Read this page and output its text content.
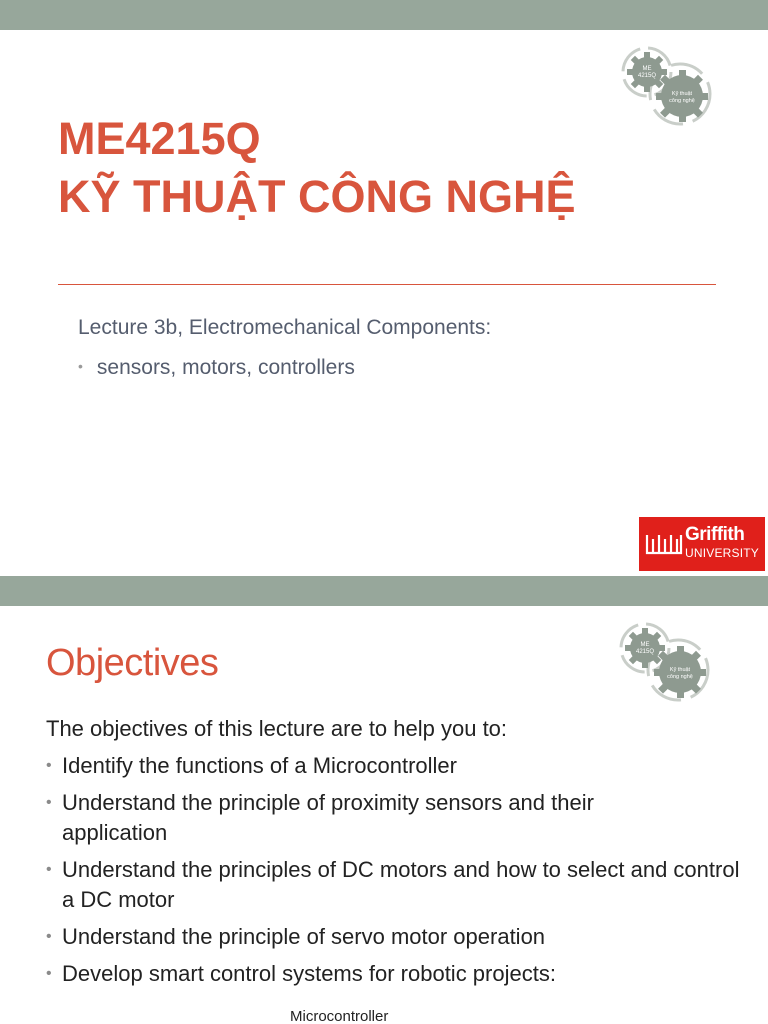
ME
4215Q
Kỹ thuật
công nghệ
ME4215Q
KỸ THUẬT CÔNG NGHỆ
Lecture 3b, Electromechanical Components:
• sensors, motors, controllers
Griffith
UNIVERSITY
ME
4215Q
Kỹ thuật
công nghệ
Objectives
The objectives of this lecture are to help you to:
• Identify the functions of a Microcontroller
• Understand the principle of proximity sensors and their application
• Understand the principles of DC motors and how to select and control a DC motor
• Understand the principle of servo motor operation
• Develop smart control systems for robotic projects:
Microcontroller
